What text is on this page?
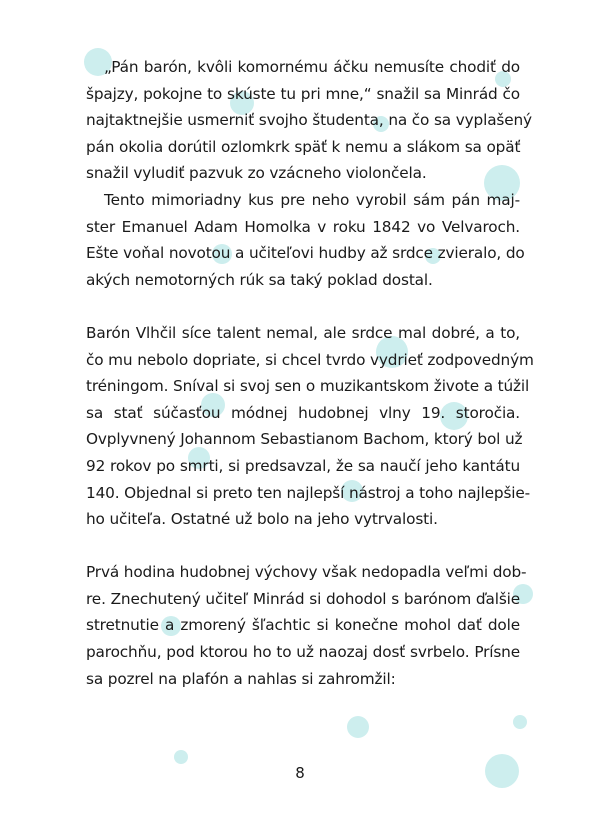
„Pán barón, kvôli komornému áčku nemusíte chodiť do
špajzy, pokojne to skúste tu pri mne,“ snažil sa Minrád čo
najtaktnejšie usmerniť svojho študenta, na čo sa vyplašený
pán okolia dorútil ozlomkrk späť k nemu a slákom sa opäť
snažil vyludiť pazvuk zo vzácneho violončela.

Tento mimoriadny kus pre neho vyrobil sám pán maj-
ster Emanuel Adam Homolka v roku 1842 vo Velvaroch.
Ešte voňal novotou a učiteľovi hudby až srdce zvieralo, do
akých nemotorných rúk sa taký poklad dostal.

Barón Vlhčil síce talent nemal, ale srdce mal dobré, a to,
čo mu nebolo dopriate, si chcel tvrdo vydrieť zodpovedným
tréningom. Sníval si svoj sen o muzikantskom živote a túžil
sa stať súčasťou módnej hudobnej vlny 19. storočia.
Ovplyvnený Johannom Sebastianom Bachom, ktorý bol už
92 rokov po smrti, si predsavzal, že sa naučí jeho kantátu
140. Objednal si preto ten najlepší nástroj a toho najlepšie-
ho učiteľa. Ostatné už bolo na jeho vytrvalosti.

Prvá hodina hudobnej výchovy však nedopadla veľmi dob-
re. Znechutený učiteľ Minrád si dohodol s barónom ďalšie
stretnutie a zmorený šľachtic si konečne mohol dať dole
parochňu, pod ktorou ho to už naozaj dosť svrbelo. Prísne
sa pozrel na plafón a nahlas si zahromžil:

8
